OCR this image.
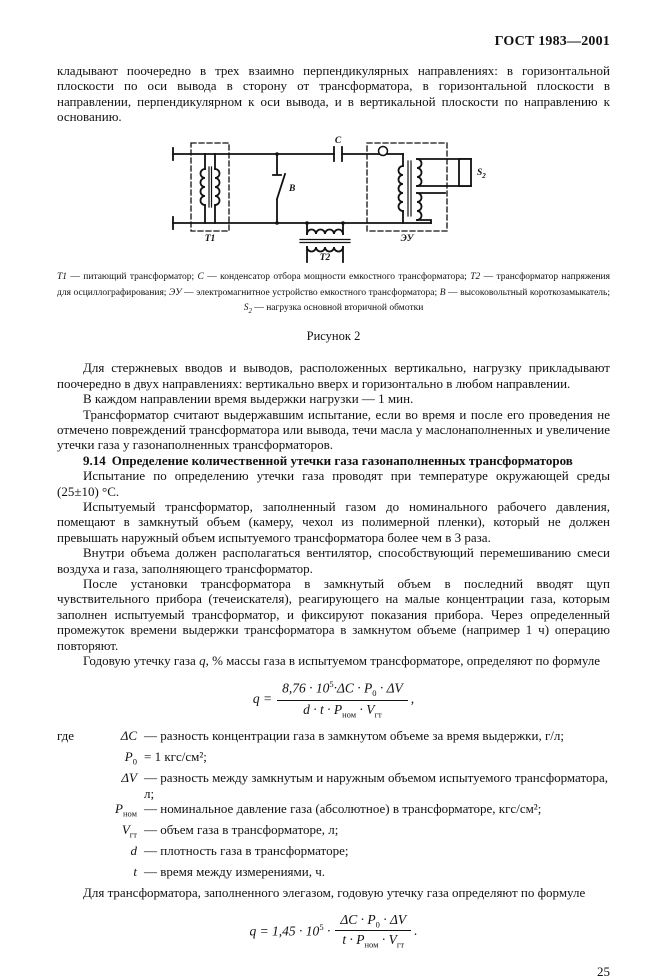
ГОСТ 1983—2001

кладывают поочередно в трех взаимно перпендикулярных направлениях: в горизонтальной плоскости по оси вывода в сторону от трансформатора, в горизонтальной плоскости в направлении, перпендикулярном к оси вывода, и в вертикальной плоскости по направлению к основанию.

Т1
В
С
ЭУ
$S_2$
Т2
Т1 — питающий трансформатор; С — конденсатор отбора мощности емкостного трансформатора; Т2 — трансформатор напряжения для осциллографирования; ЭУ — электромагнитное устройство емкостного трансформатора; В — высоковольтный короткозамыкатель; $S_2$ — нагрузка основной вторичной обмотки
Рисунок 2

Для стержневых вводов и выводов, расположенных вертикально, нагрузку прикладывают поочередно в двух направлениях: вертикально вверх и горизонтально в любом направлении.

В каждом направлении время выдержки нагрузки — 1 мин.

Трансформатор считают выдержавшим испытание, если во время и после его проведения не отмечено повреждений трансформатора или вывода, течи масла у маслонаполненных и увеличение утечки газа у газонаполненных трансформаторов.

9.14 Определение количественной утечки газа газонаполненных трансформаторов

Испытание по определению утечки газа проводят при температуре окружающей среды (25±10) °С.

Испытуемый трансформатор, заполненный газом до номинального рабочего давления, помещают в замкнутый объем (камеру, чехол из полимерной пленки), который не должен превышать наружный объем испытуемого трансформатора более чем в 3 раза.

Внутри объема должен располагаться вентилятор, способствующий перемешиванию смеси воздуха и газа, заполняющего трансформатор.

После установки трансформатора в замкнутый объем в последний вводят щуп чувствительного прибора (течеискателя), реагирующего на малые концентрации газа, которым заполнен испытуемый трансформатор, и фиксируют показания прибора. Через определенный промежуток времени выдержки трансформатора в замкнутом объеме (например 1 ч) операцию повторяют.

Годовую утечку газа q, % массы газа в испытуемом трансформаторе, определяют по формуле

$q = \frac{8,76 \cdot 10^5\cdot\Delta C \cdot P_0 \cdot \Delta V}{d \cdot t \cdot P_{ном} \cdot V_{гт}}$ ,
где	ΔC — разность концентрации газа в замкнутом объеме за время выдержки, г/л;
$P_0 = 1$ кгс/см²;
ΔV — разность между замкнутым и наружным объемом испытуемого трансформатора, л;
$P_{ном}$ — номинальное давление газа (абсолютное) в трансформаторе, кгс/см²;
$V_{гт}$ — объем газа в трансформаторе, л;
d — плотность газа в трансформаторе;
t — время между измерениями, ч.

Для трансформатора, заполненного элегазом, годовую утечку газа определяют по формуле

$q = 1,45 \cdot 10^5 \cdot \frac{\Delta C \cdot P_0 \cdot \Delta V}{t \cdot P_{ном} \cdot V_{гт}}$ .
25
